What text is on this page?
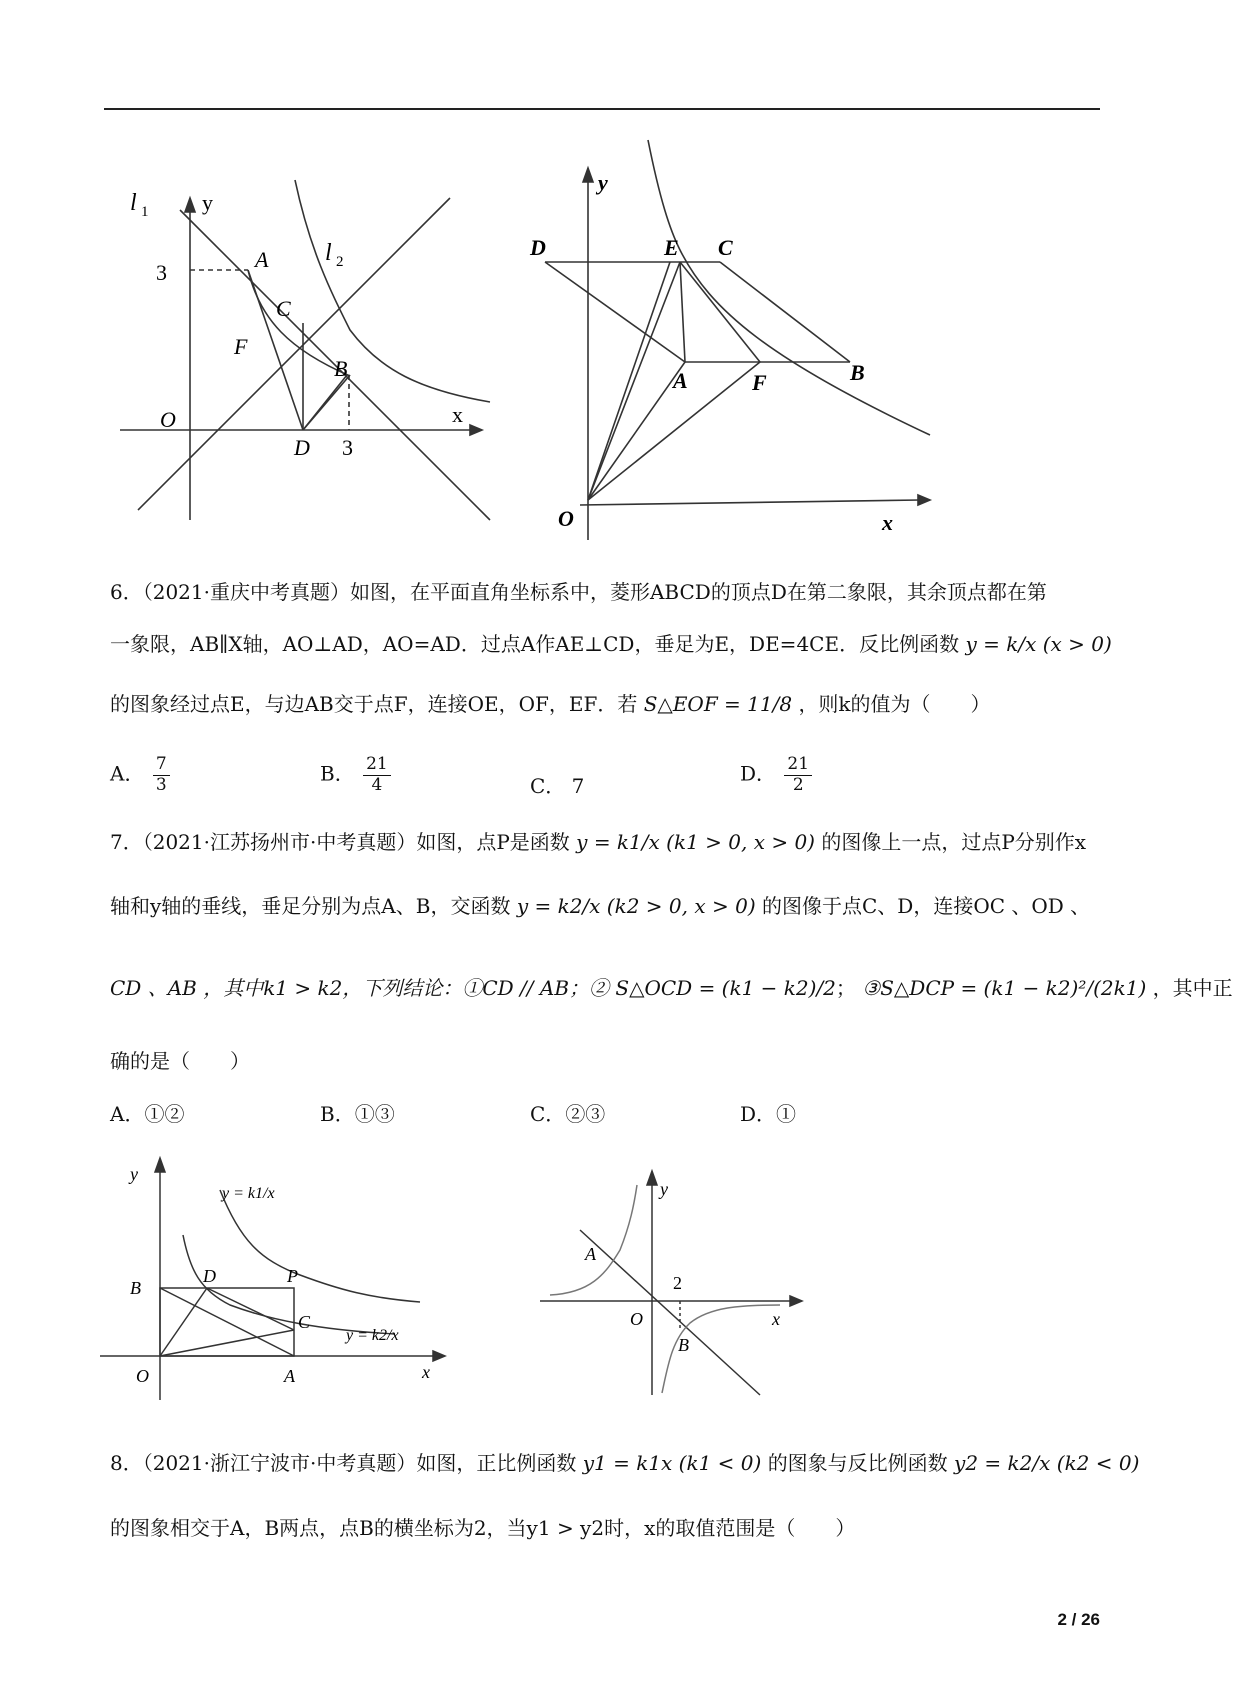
l 1 y
A
3
l 2
C
F
B
O
D 3
x
y
D	E C
A	F	B
O	x
6．（2021·重庆中考真题）如图，在平面直角坐标系中，菱形ABCD的顶点D在第二象限，其余顶点都在第
一象限，AB∥X轴，AO⊥AD，AO=AD．过点A作AE⊥CD，垂足为E，DE=4CE．反比例函数 y = k/x (x > 0)
的图象经过点E，与边AB交于点F，连接OE，OF，EF．若 S△EOF = 11/8 ，则k的值为（　　）
A． $\frac{7}{3}$	B． $\frac{21}{4}$	C． 7
D． $\frac{21}{2}$
7．（2021·江苏扬州市·中考真题）如图，点P是函数 y = k1/x (k1 > 0, x > 0) 的图像上一点，过点P分别作x
轴和y轴的垂线，垂足分别为点A、B，交函数 y = k2/x (k2 > 0, x > 0) 的图像于点C、D，连接OC 、OD 、
CD 、AB ，其中k1 > k2，下列结论：①CD // AB；② S△OCD = (k1 − k2)/2； ③S△DCP = (k1 − k2)²/(2k1) ，其中正
确的是（　　）
A．①②	B．①③	C．②③	D．①
y
B
D	P
C
O	A	x
y = k1/x
y = k2/x
y
A
2
O	x
B
8．（2021·浙江宁波市·中考真题）如图，正比例函数 y1 = k1x (k1 < 0) 的图象与反比例函数 y2 = k2/x (k2 < 0)
的图象相交于A，B两点，点B的横坐标为2，当y1 > y2时，x的取值范围是（　　）
2 / 26
